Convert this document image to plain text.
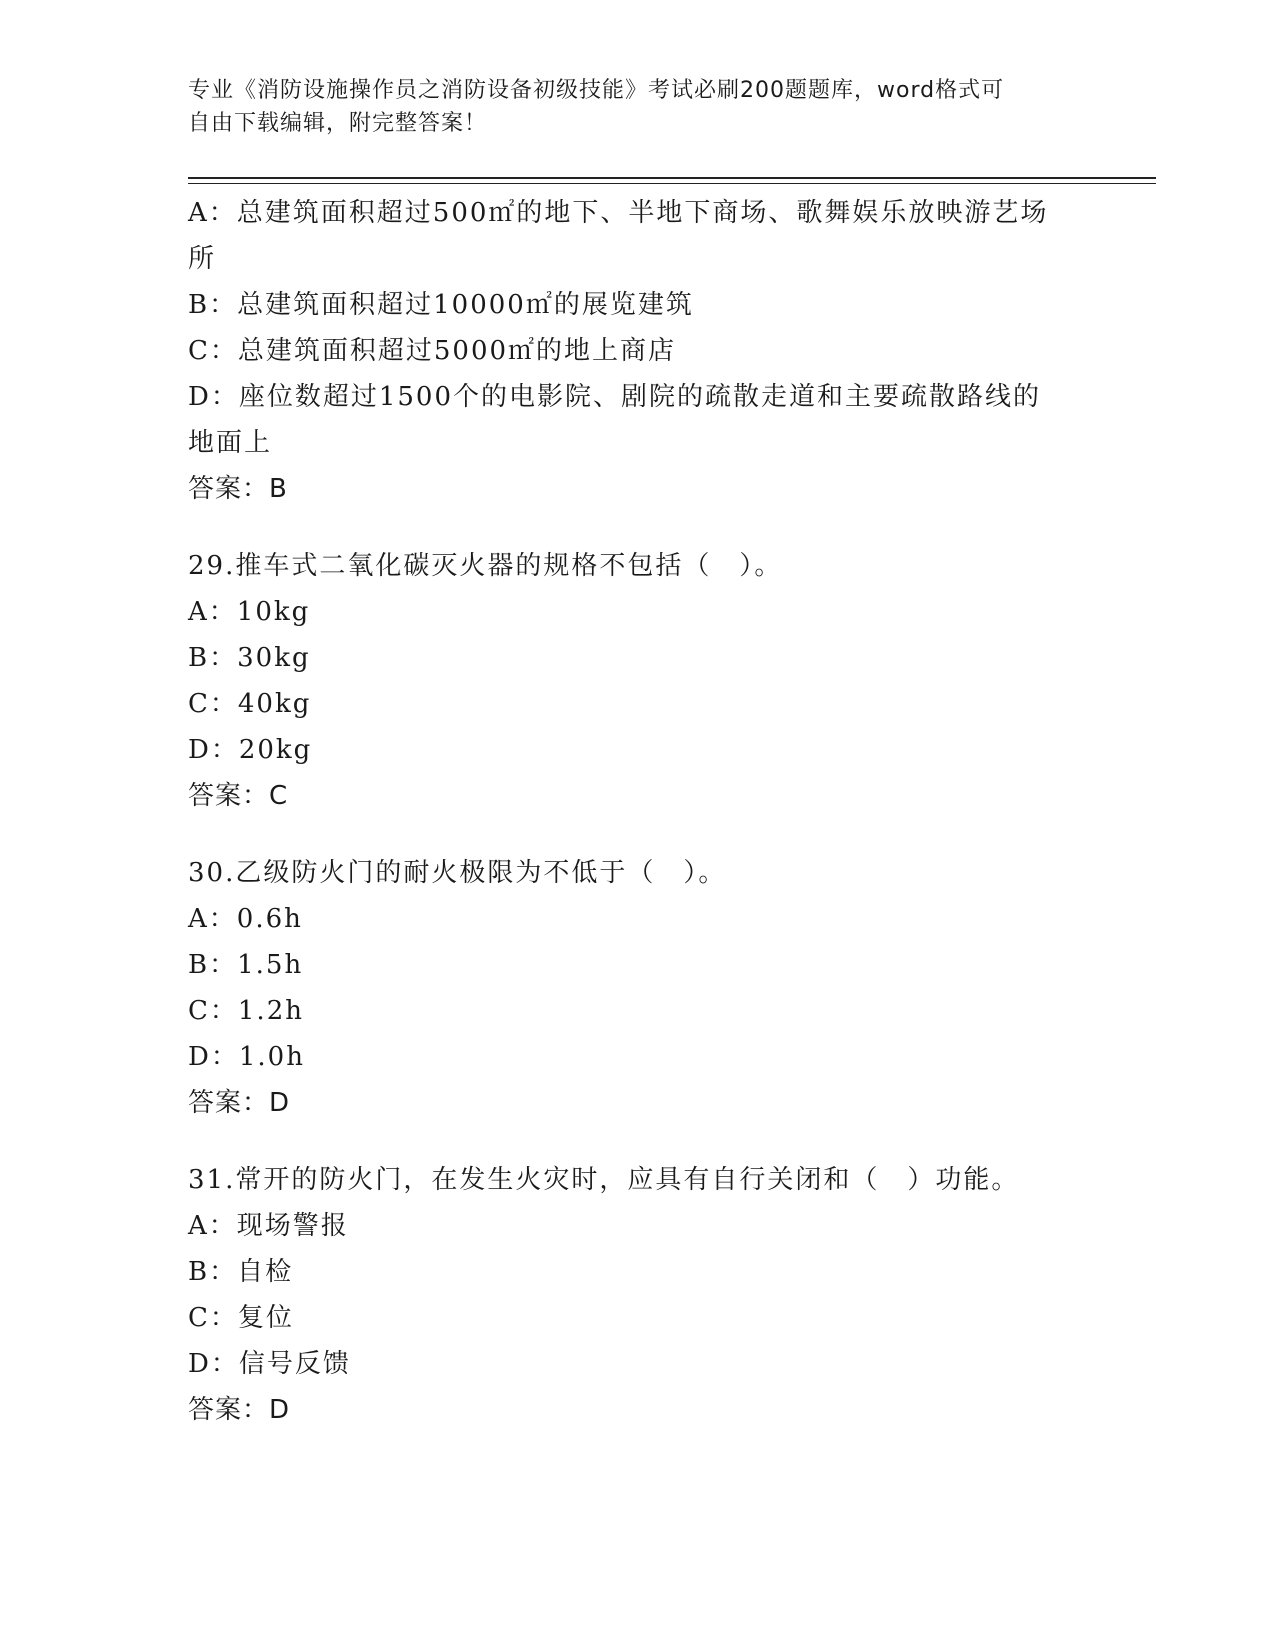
专业《消防设施操作员之消防设备初级技能》考试必刷200题题库，word格式可
自由下载编辑，附完整答案！
A：总建筑面积超过500㎡的地下、半地下商场、歌舞娱乐放映游艺场
所
B：总建筑面积超过10000㎡的展览建筑
C：总建筑面积超过5000㎡的地上商店
D：座位数超过1500个的电影院、剧院的疏散走道和主要疏散路线的
地面上
答案：B
29.推车式二氧化碳灭火器的规格不包括（　）。
A：10kg
B：30kg
C：40kg
D：20kg
答案：C
30.乙级防火门的耐火极限为不低于（　）。
A：0.6h
B：1.5h
C：1.2h
D：1.0h
答案：D
31.常开的防火门，在发生火灾时，应具有自行关闭和（　）功能。
A：现场警报
B：自检
C：复位
D：信号反馈
答案：D
